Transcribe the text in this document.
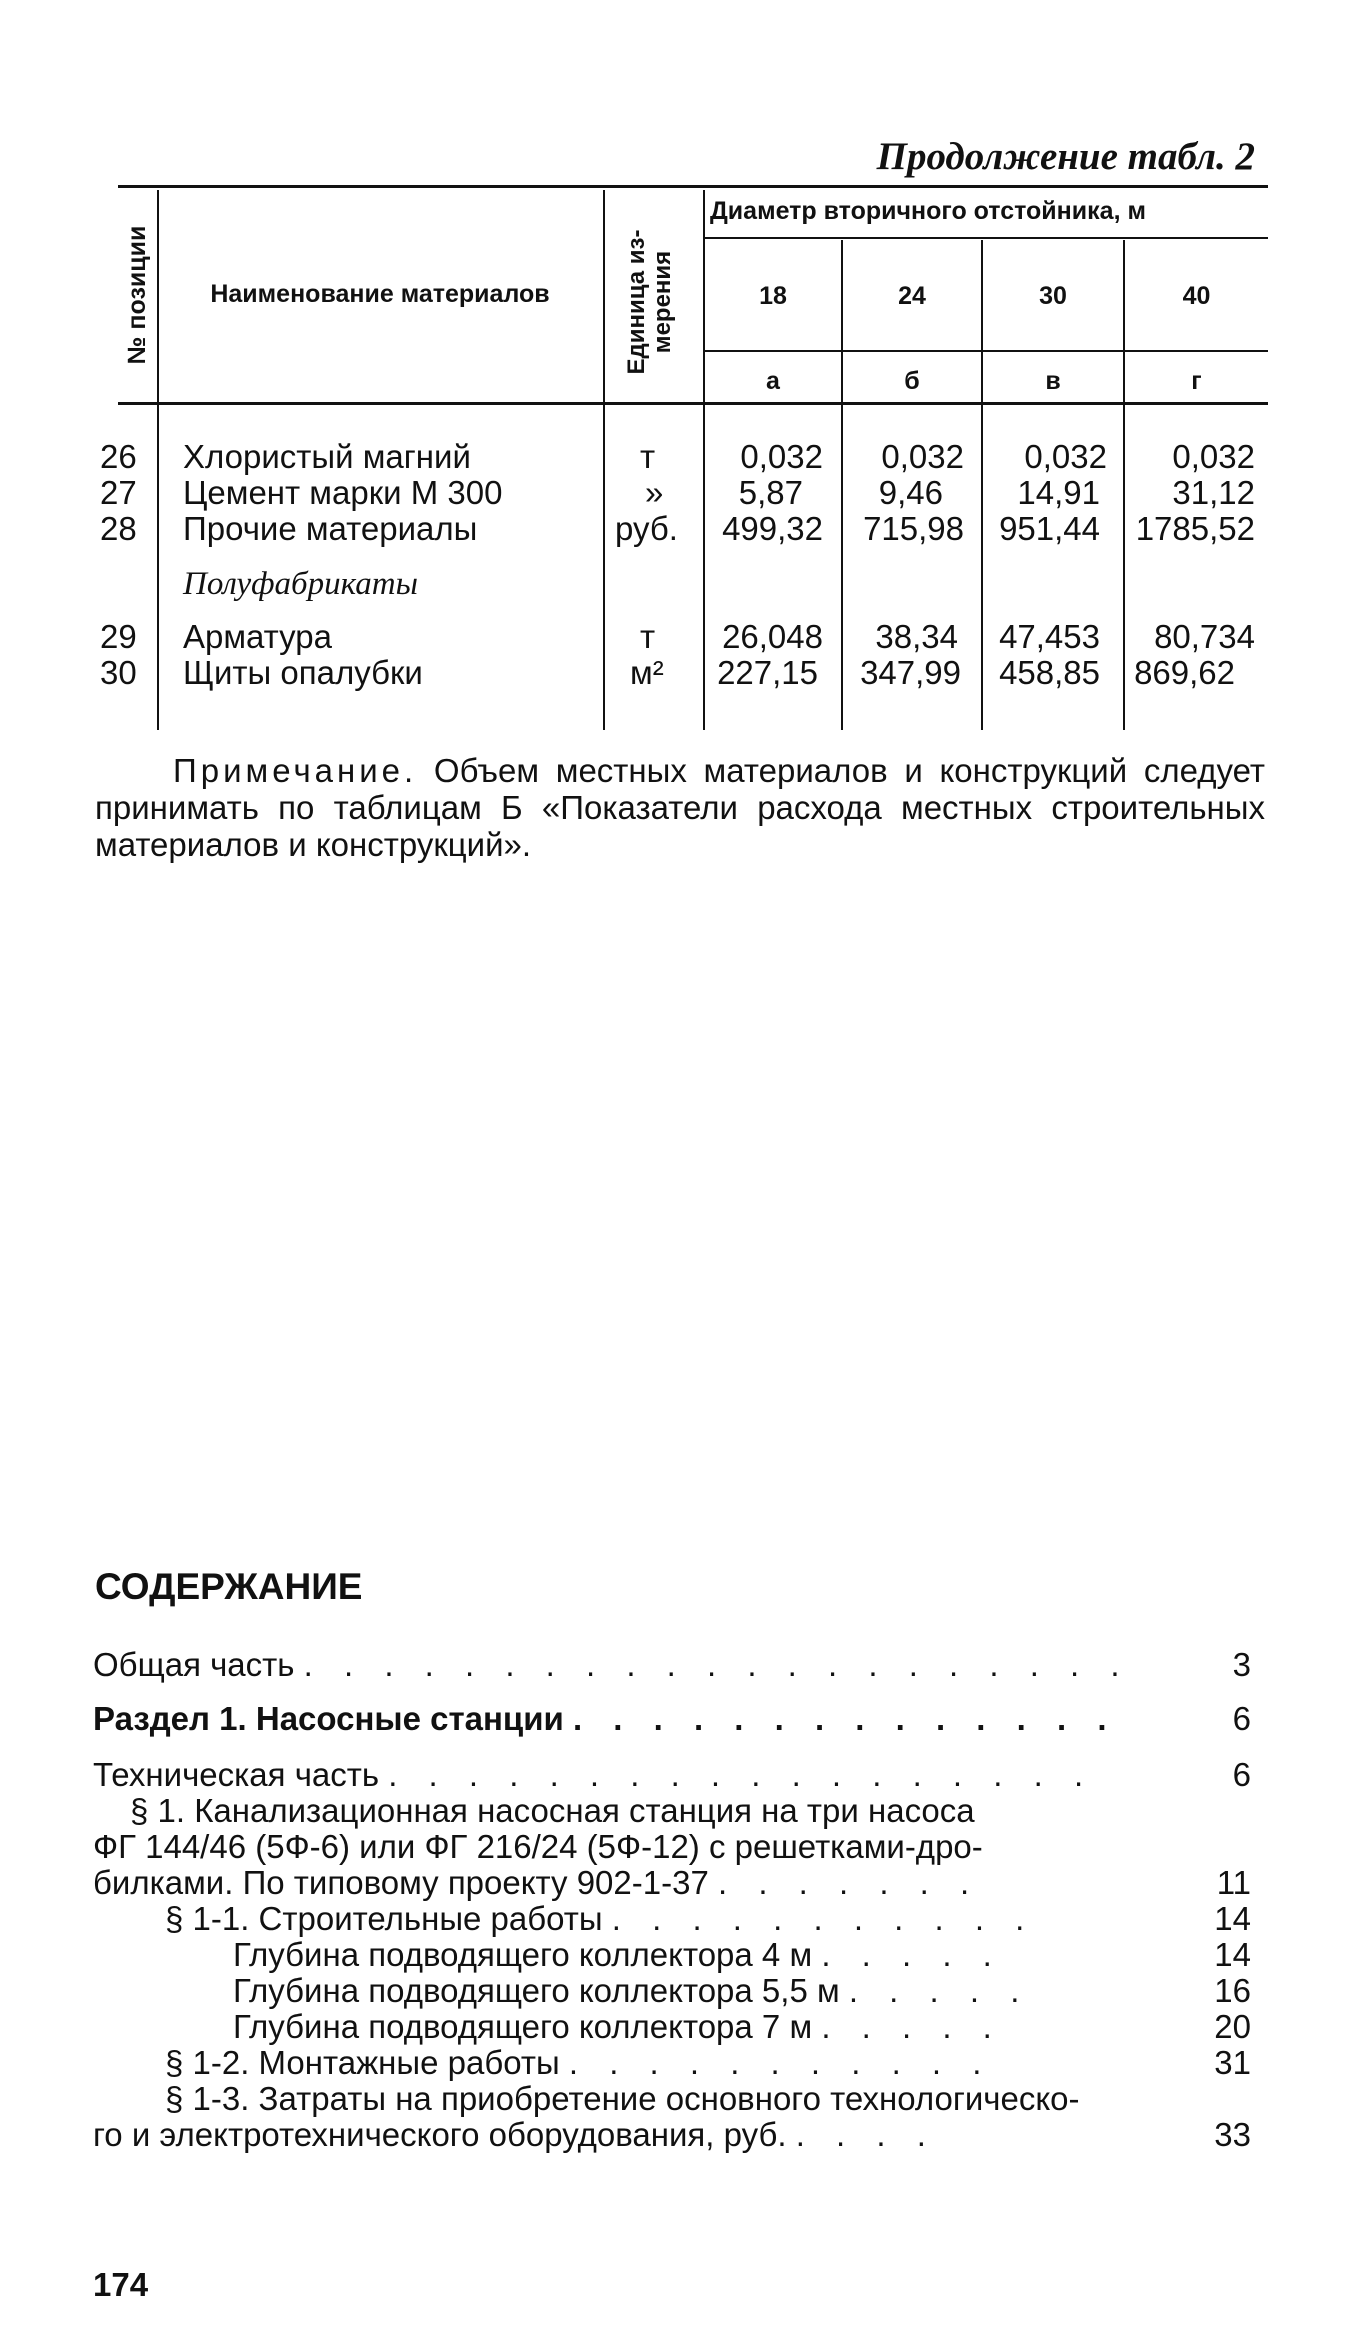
Продолжение табл. 2
№ позиции	Наименование материалов	Единица из- мерения
Диаметр вторичного отстойника, м
18	24	30	40
а	б	в	г
26 Хлористый магний	т	0,032	0,032	0,032	0,032
27 Цемент марки М 300	»	5,87	9,46	14,91	31,12
28 Прочие материалы	руб.	499,32	715,98	951,44	1785,52
Полуфабрикаты
29 Арматура	т	26,048	38,34	47,453	80,734
30 Щиты опалубки	м²	227,15	347,99	458,85 869,62
Примечание. Объем местных материалов и конструкций следует принимать по таблицам Б «Показатели расхода местных строительных материалов и конструкций».
СОДЕРЖАНИЕ
Общая часть . . . . . . . . . . . . . . . . . . . . .	3
Раздел 1. Насосные станции . . . . . . . . . . . . . .	6
Техническая часть . . . . . . . . . . . . . . . . . .	6
§ 1. Канализационная насосная станция на три насоса
ФГ 144/46 (5Ф-6) или ФГ 216/24 (5Ф-12) с решетками-дро-
билками. По типовому проекту 902-1-37 . . . . . . .	11
§ 1-1. Строительные работы . . . . . . . . . . .	14
Глубина подводящего коллектора 4 м . . . . .	14
Глубина подводящего коллектора 5,5 м . . . . .	16
Глубина подводящего коллектора 7 м . . . . .	20
§ 1-2. Монтажные работы . . . . . . . . . . .	31
§ 1-3. Затраты на приобретение основного технологическо-
го и электротехнического оборудования, руб. . . . .	33
174
